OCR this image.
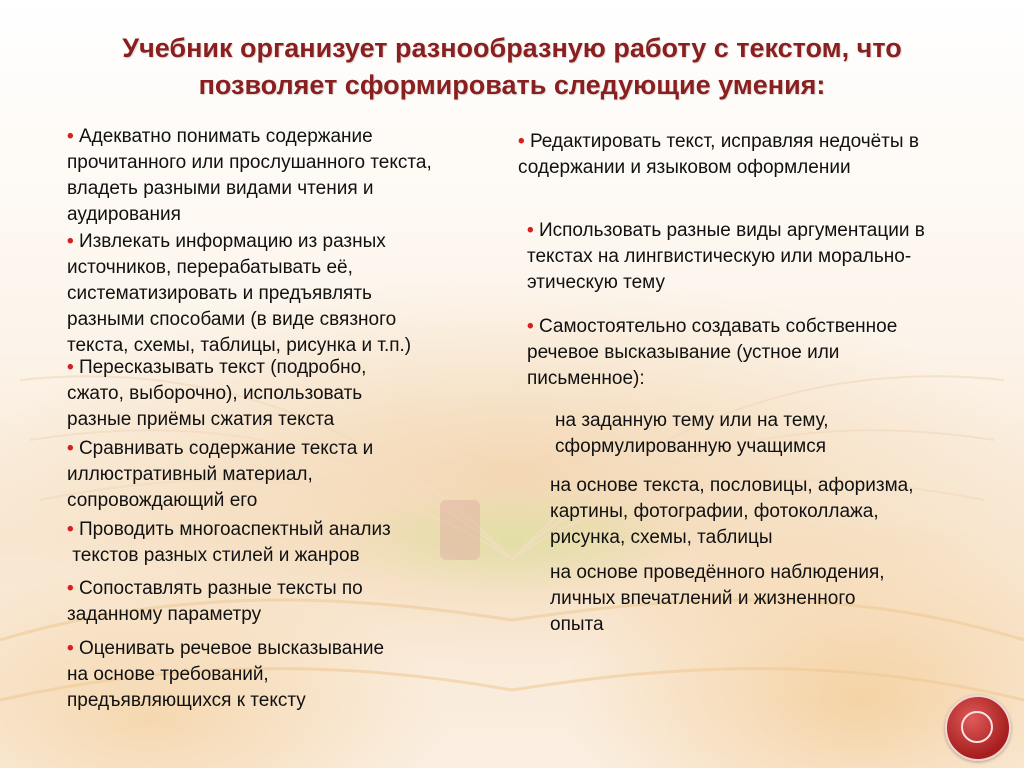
Учебник организует разнообразную работу с текстом, что
позволяет сформировать следующие умения:

• Адекватно понимать содержание
прочитанного или прослушанного текста,
владеть разными видами чтения и
аудирования

• Извлекать информацию из разных
источников, перерабатывать её,
систематизировать и предъявлять
разными способами (в виде связного
текста, схемы, таблицы, рисунка и т.п.)

• Пересказывать текст (подробно,
сжато, выборочно), использовать
разные приёмы сжатия текста

• Сравнивать содержание текста и
иллюстративный материал,
сопровождающий его

• Проводить многоаспектный анализ
текстов разных стилей и жанров

• Сопоставлять разные тексты по
заданному параметру

• Оценивать речевое высказывание
на основе требований,
предъявляющихся к тексту

• Редактировать текст, исправляя недочёты в
содержании и языковом оформлении

• Использовать разные виды аргументации в
текстах на лингвистическую или морально-
этическую тему

• Самостоятельно создавать собственное
речевое высказывание (устное или
письменное):

на заданную тему или на тему,
сформулированную учащимся

на основе текста, пословицы, афоризма,
картины, фотографии, фотоколлажа,
рисунка, схемы, таблицы

на основе проведённого наблюдения,
личных впечатлений и жизненного
опыта
